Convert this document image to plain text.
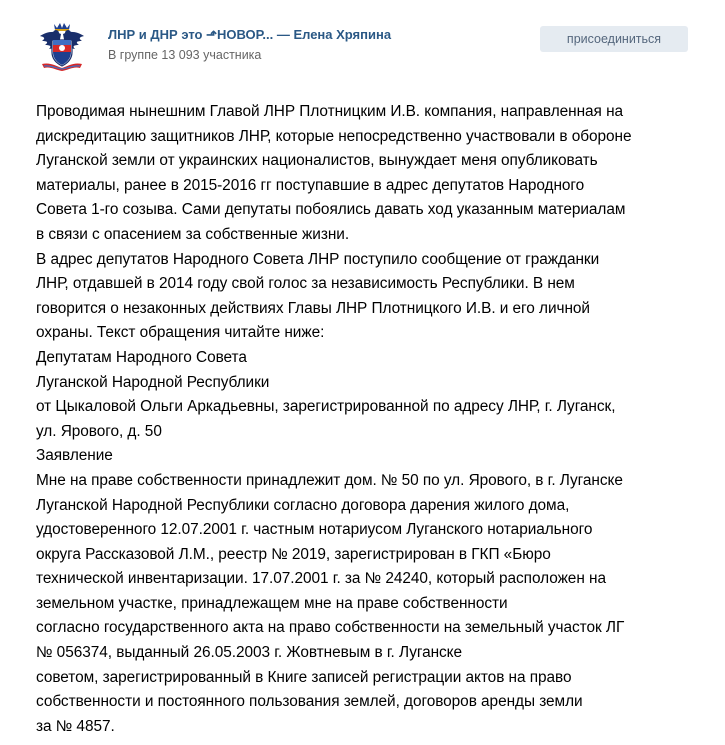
ЛНР и ДНР это ⬏НОВОР... — Елена Хряпина
В группе 13 093 участника
присоединиться
Проводимая нынешним Главой ЛНР Плотницким И.В. компания, направленная на
дискредитацию защитников ЛНР, которые непосредственно участвовали в обороне
Луганской земли от украинских националистов, вынуждает меня опубликовать
материалы, ранее в 2015-2016 гг поступавшие в адрес депутатов Народного
Совета 1-го созыва. Сами депутаты побоялись давать ход указанным материалам
в связи с опасением за собственные жизни.
В адрес депутатов Народного Совета ЛНР поступило сообщение от гражданки
ЛНР, отдавшей в 2014 году свой голос за независимость Республики. В нем
говорится о незаконных действиях Главы ЛНР Плотницкого И.В. и его личной
охраны. Текст обращения читайте ниже:
Депутатам Народного Совета
Луганской Народной Республики
от Цыкаловой Ольги Аркадьевны, зарегистрированной по адресу ЛНР, г. Луганск,
ул. Ярового, д. 50
Заявление
Мне на праве собственности принадлежит дом. № 50 по ул. Ярового, в г. Луганске
Луганской Народной Республики согласно договора дарения жилого дома,
удостоверенного 12.07.2001 г. частным нотариусом Луганского нотариального
округа Рассказовой Л.М., реестр № 2019, зарегистрирован в ГКП «Бюро
технической инвентаризации. 17.07.2001 г. за № 24240, который расположен на
земельном участке, принадлежащем мне на праве собственности
согласно государственного акта на право собственности на земельный участок ЛГ
№ 056374, выданный 26.05.2003 г. Жовтневым в г. Луганске
советом, зарегистрированный в Книге записей регистрации актов на право
собственности и постоянного пользования землей, договоров аренды земли
за № 4857.
